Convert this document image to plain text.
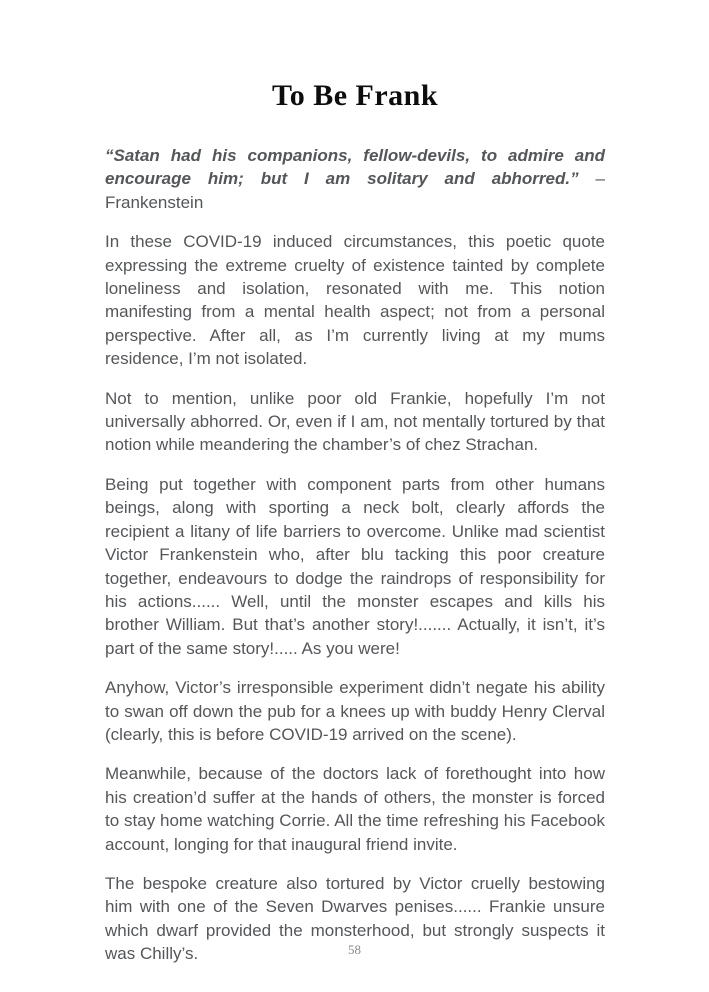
To Be Frank

“Satan had his companions, fellow-devils, to admire and encourage him; but I am solitary and abhorred.” – Frankenstein

In these COVID-19 induced circumstances, this poetic quote expressing the extreme cruelty of existence tainted by complete loneliness and isolation, resonated with me. This notion manifesting from a mental health aspect; not from a personal perspective. After all, as I’m currently living at my mums residence, I’m not isolated.

Not to mention, unlike poor old Frankie, hopefully I’m not universally abhorred. Or, even if I am, not mentally tortured by that notion while meandering the chamber’s of chez Strachan.

Being put together with component parts from other humans beings, along with sporting a neck bolt, clearly affords the recipient a litany of life barriers to overcome. Unlike mad scientist Victor Frankenstein who, after blu tacking this poor creature together, endeavours to dodge the raindrops of responsibility for his actions...... Well, until the monster escapes and kills his brother William. But that’s another story!....... Actually, it isn’t, it’s part of the same story!..... As you were!

Anyhow, Victor’s irresponsible experiment didn’t negate his ability to swan off down the pub for a knees up with buddy Henry Clerval (clearly, this is before COVID-19 arrived on the scene).

Meanwhile, because of the doctors lack of forethought into how his creation’d suffer at the hands of others, the monster is forced to stay home watching Corrie. All the time refreshing his Facebook account, longing for that inaugural friend invite.

The bespoke creature also tortured by Victor cruelly bestowing him with one of the Seven Dwarves penises...... Frankie unsure which dwarf provided the monsterhood, but strongly suspects it was Chilly’s.	58
